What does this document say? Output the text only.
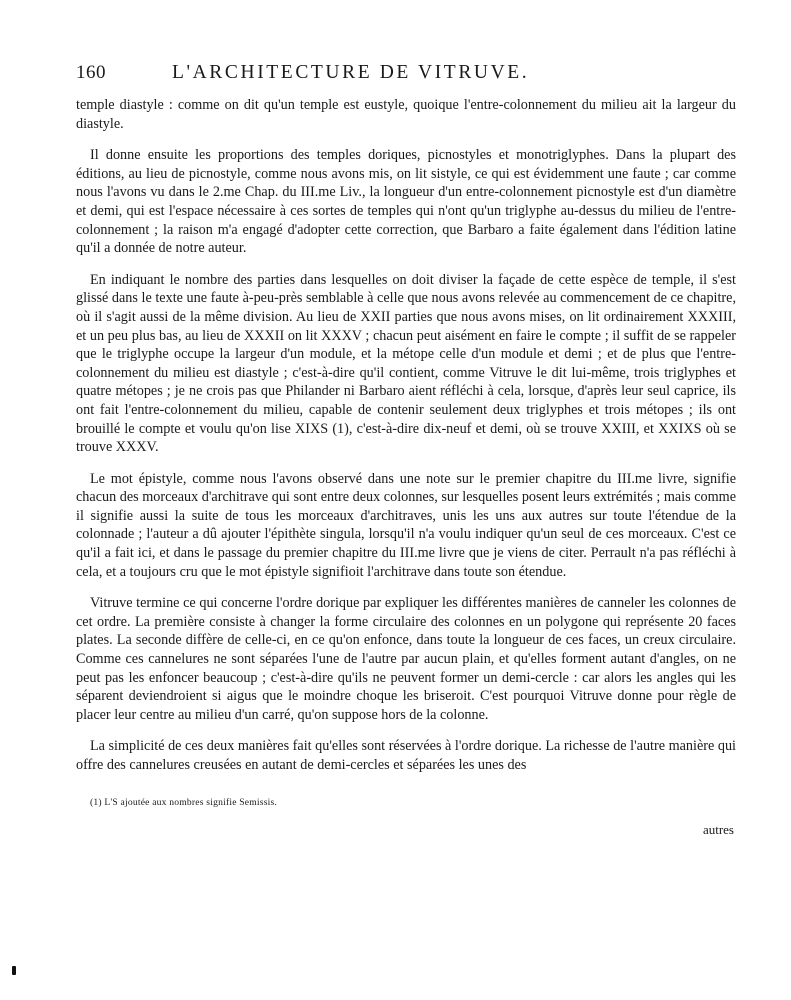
160	L'ARCHITECTURE DE VITRUVE.

temple diastyle : comme on dit qu'un temple est eustyle, quoique l'entre-colonnement du milieu ait la largeur du diastyle.

Il donne ensuite les proportions des temples doriques, picnostyles et monotriglyphes. Dans la plupart des éditions, au lieu de picnostyle, comme nous avons mis, on lit sistyle, ce qui est évidemment une faute ; car comme nous l'avons vu dans le 2.me Chap. du III.me Liv., la longueur d'un entre-colonnement picnostyle est d'un diamètre et demi, qui est l'espace nécessaire à ces sortes de temples qui n'ont qu'un triglyphe au-dessus du milieu de l'entre-colonnement ; la raison m'a engagé d'adopter cette correction, que Barbaro a faite également dans l'édition latine qu'il a donnée de notre auteur.

En indiquant le nombre des parties dans lesquelles on doit diviser la façade de cette espèce de temple, il s'est glissé dans le texte une faute à-peu-près semblable à celle que nous avons relevée au commencement de ce chapitre, où il s'agit aussi de la même division. Au lieu de XXII parties que nous avons mises, on lit ordinairement XXXIII, et un peu plus bas, au lieu de XXXII on lit XXXV ; chacun peut aisément en faire le compte ; il suffit de se rappeler que le triglyphe occupe la largeur d'un module, et la métope celle d'un module et demi ; et de plus que l'entre-colonnement du milieu est diastyle ; c'est-à-dire qu'il contient, comme Vitruve le dit lui-même, trois triglyphes et quatre métopes ; je ne crois pas que Philander ni Barbaro aient réfléchi à cela, lorsque, d'après leur seul caprice, ils ont fait l'entre-colonnement du milieu, capable de contenir seulement deux triglyphes et trois métopes ; ils ont brouillé le compte et voulu qu'on lise XIXS (1), c'est-à-dire dix-neuf et demi, où se trouve XXIII, et XXIXS où se trouve XXXV.

Le mot épistyle, comme nous l'avons observé dans une note sur le premier chapitre du III.me livre, signifie chacun des morceaux d'architrave qui sont entre deux colonnes, sur lesquelles posent leurs extrémités ; mais comme il signifie aussi la suite de tous les morceaux d'architraves, unis les uns aux autres sur toute l'étendue de la colonnade ; l'auteur a dû ajouter l'épithète singula, lorsqu'il n'a voulu indiquer qu'un seul de ces morceaux. C'est ce qu'il a fait ici, et dans le passage du premier chapitre du III.me livre que je viens de citer. Perrault n'a pas réfléchi à cela, et a toujours cru que le mot épistyle signifioit l'architrave dans toute son étendue.

Vitruve termine ce qui concerne l'ordre dorique par expliquer les différentes manières de canneler les colonnes de cet ordre. La première consiste à changer la forme circulaire des colonnes en un polygone qui représente 20 faces plates. La seconde diffère de celle-ci, en ce qu'on enfonce, dans toute la longueur de ces faces, un creux circulaire. Comme ces cannelures ne sont séparées l'une de l'autre par aucun plain, et qu'elles forment autant d'angles, on ne peut pas les enfoncer beaucoup ; c'est-à-dire qu'ils ne peuvent former un demi-cercle : car alors les angles qui les séparent deviendroient si aigus que le moindre choque les briseroit. C'est pourquoi Vitruve donne pour règle de placer leur centre au milieu d'un carré, qu'on suppose hors de la colonne.

La simplicité de ces deux manières fait qu'elles sont réservées à l'ordre dorique. La richesse de l'autre manière qui offre des cannelures creusées en autant de demi-cercles et séparées les unes des

(1) L'S ajoutée aux nombres signifie Semissis.
autres
